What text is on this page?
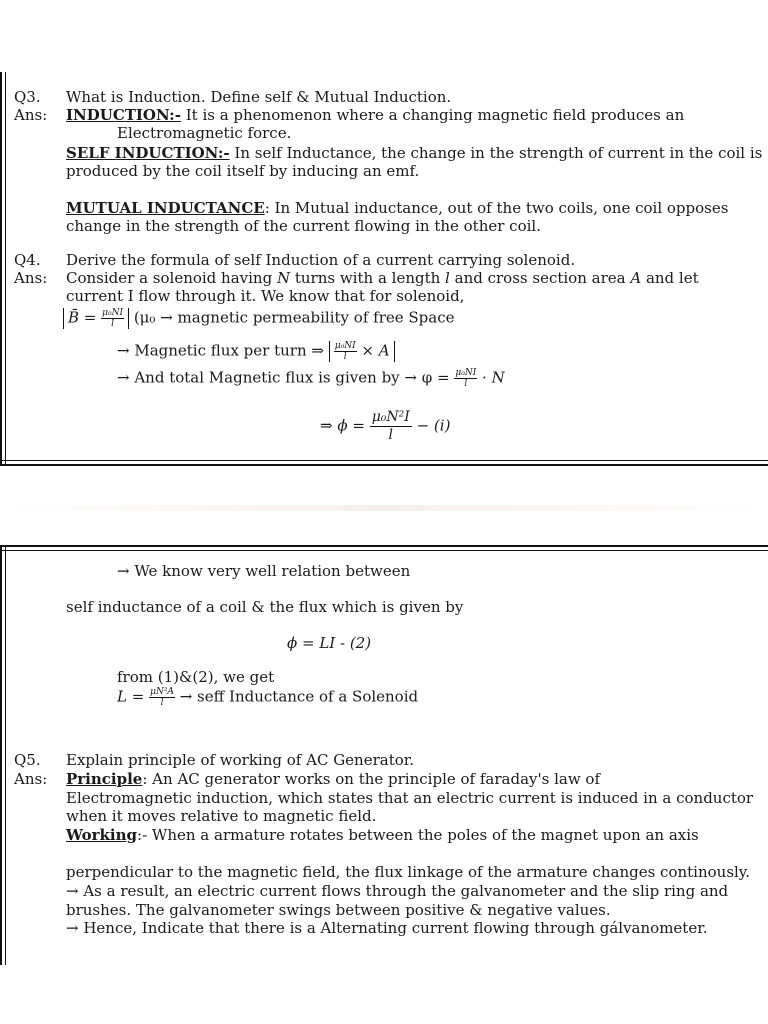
Q3. What is Induction. Define self & Mutual Induction.
Ans: INDUCTION:- It is a phenomenon where a changing magnetic field produces an
Electromagnetic force.
SELF INDUCTION:- In self Inductance, the change in the strength of current in the coil is
produced by the coil itself by inducing an emf.
MUTUAL INDUCTANCE: In Mutual inductance, out of the two coils, one coil opposes
change in the strength of the current flowing in the other coil.
Q4. Derive the formula of self Induction of a current carrying solenoid.
Ans: Consider a solenoid having N turns with a length l and cross section area A and let
current I flow through it. We know that for solenoid,
B̄ = $\frac{\text{μ₀NI}}{l} (\mu_0$ → magnetic permeability of free Space
→ Magnetic flux per turn ⇒ $\frac{\text{μ₀NI}}{l} \times A$
→ And total Magnetic flux is given by → $\varphi = \frac{\text{μ₀NI}}{l} \cdot N$
⇒ $\phi = \frac{\text{μ₀N²I}}{l} - (i)$
→ We know very well relation between
self inductance of a coil & the flux which is given by
ϕ = LI - (2)
from (1)&(2), we get
$L = \frac{\text{μN²A}}{l}$ → seff Inductance of a Solenoid
Q5. Explain principle of working of AC Generator.
Ans: Principle: An AC generator works on the principle of faraday's law of
Electromagnetic induction, which states that an electric current is induced in a conductor
when it moves relative to magnetic field.
Working:- When a armature rotates between the poles of the magnet upon an axis
perpendicular to the magnetic field, the flux linkage of the armature changes continously.
→ As a result, an electric current flows through the galvanometer and the slip ring and
brushes. The galvanometer swings between positive & negative values.
→ Hence, Indicate that there is a Alternating current flowing through gálvanometer.
